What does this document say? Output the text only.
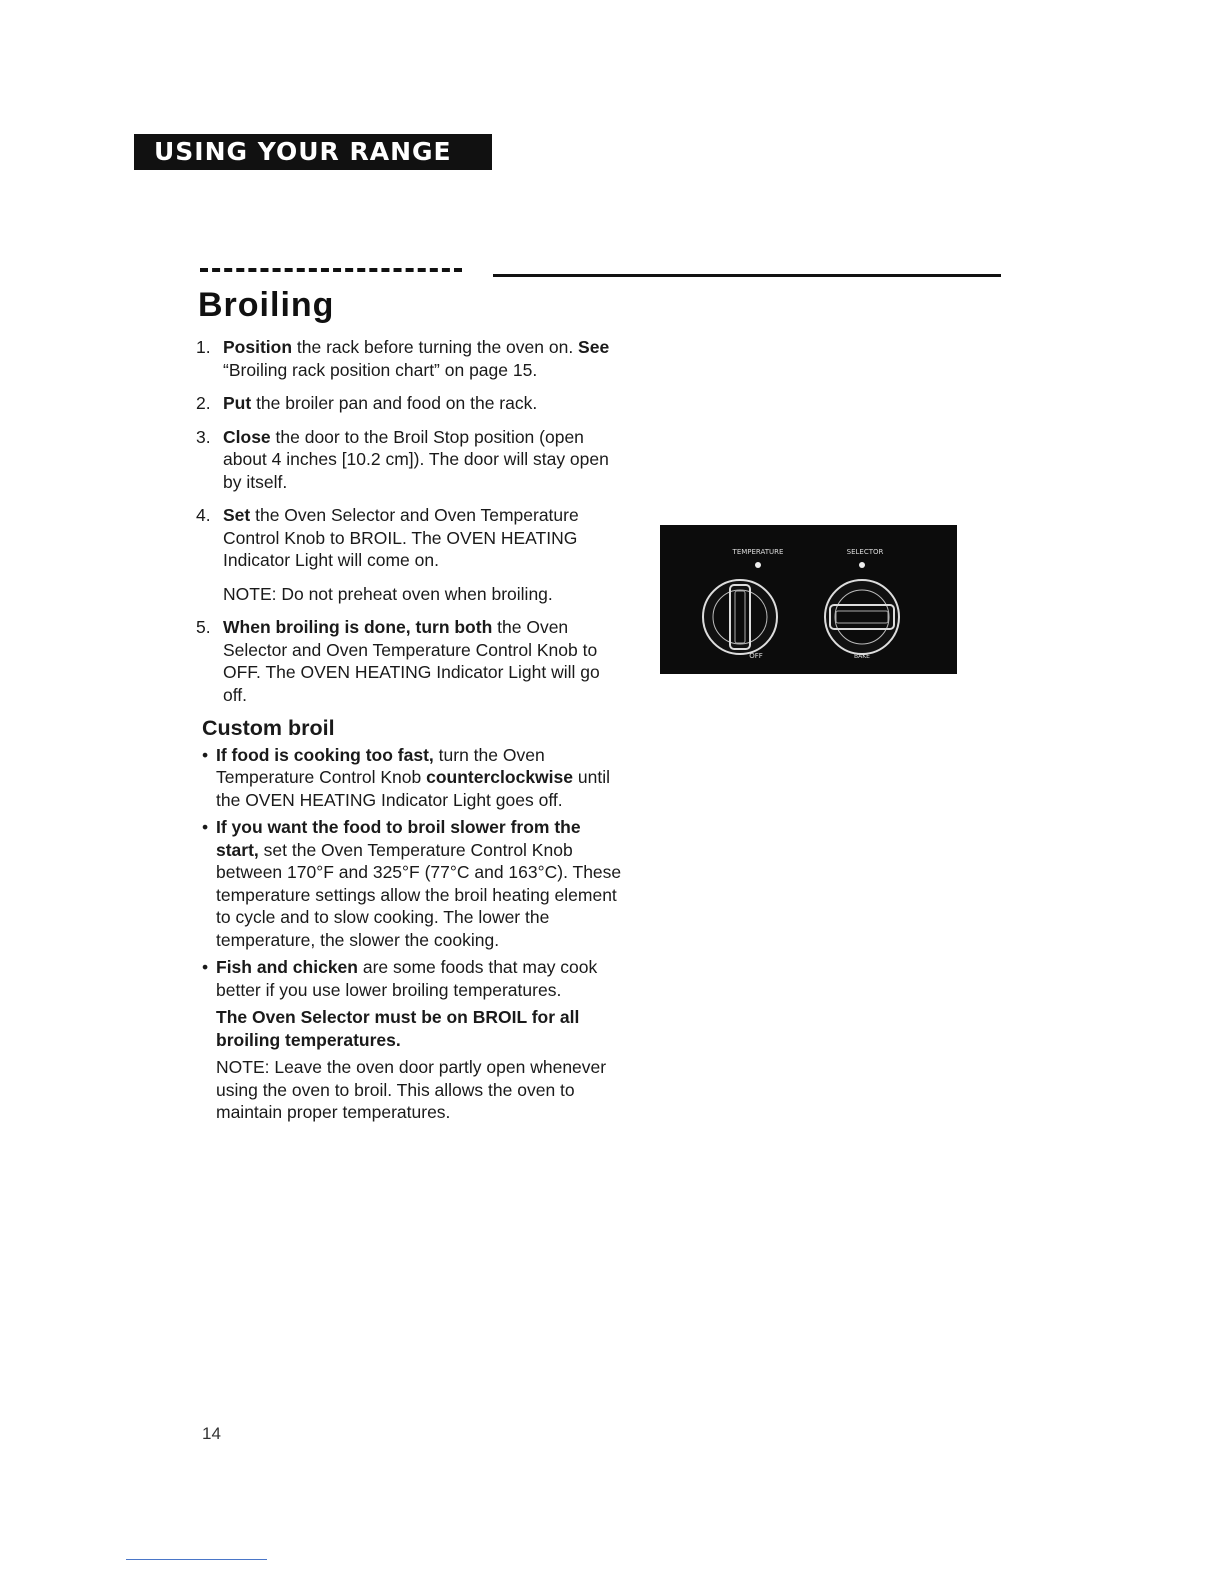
USING YOUR RANGE
Broiling
1. Position the rack before turning the oven on. See “Broiling rack position chart” on page 15.
2. Put the broiler pan and food on the rack.
3. Close the door to the Broil Stop position (open about 4 inches [10.2 cm]). The door will stay open by itself.
4. Set the Oven Selector and Oven Temperature Control Knob to BROIL. The OVEN HEATING Indicator Light will come on.
NOTE: Do not preheat oven when broiling.
5. When broiling is done, turn both the Oven Selector and Oven Temperature Control Knob to OFF. The OVEN HEATING Indicator Light will go off.
Custom broil
• If food is cooking too fast, turn the Oven Temperature Control Knob counterclockwise until the OVEN HEATING Indicator Light goes off.
• If you want the food to broil slower from the start, set the Oven Temperature Control Knob between 170°F and 325°F (77°C and 163°C). These temperature settings allow the broil heating element to cycle and to slow cooking. The lower the temperature, the slower the cooking.
• Fish and chicken are some foods that may cook better if you use lower broiling temperatures.
The Oven Selector must be on BROIL for all broiling temperatures.
NOTE: Leave the oven door partly open whenever using the oven to broil. This allows the oven to maintain proper temperatures.
TEMPERATURE	SELECTOR
OFF	BAKE
14
